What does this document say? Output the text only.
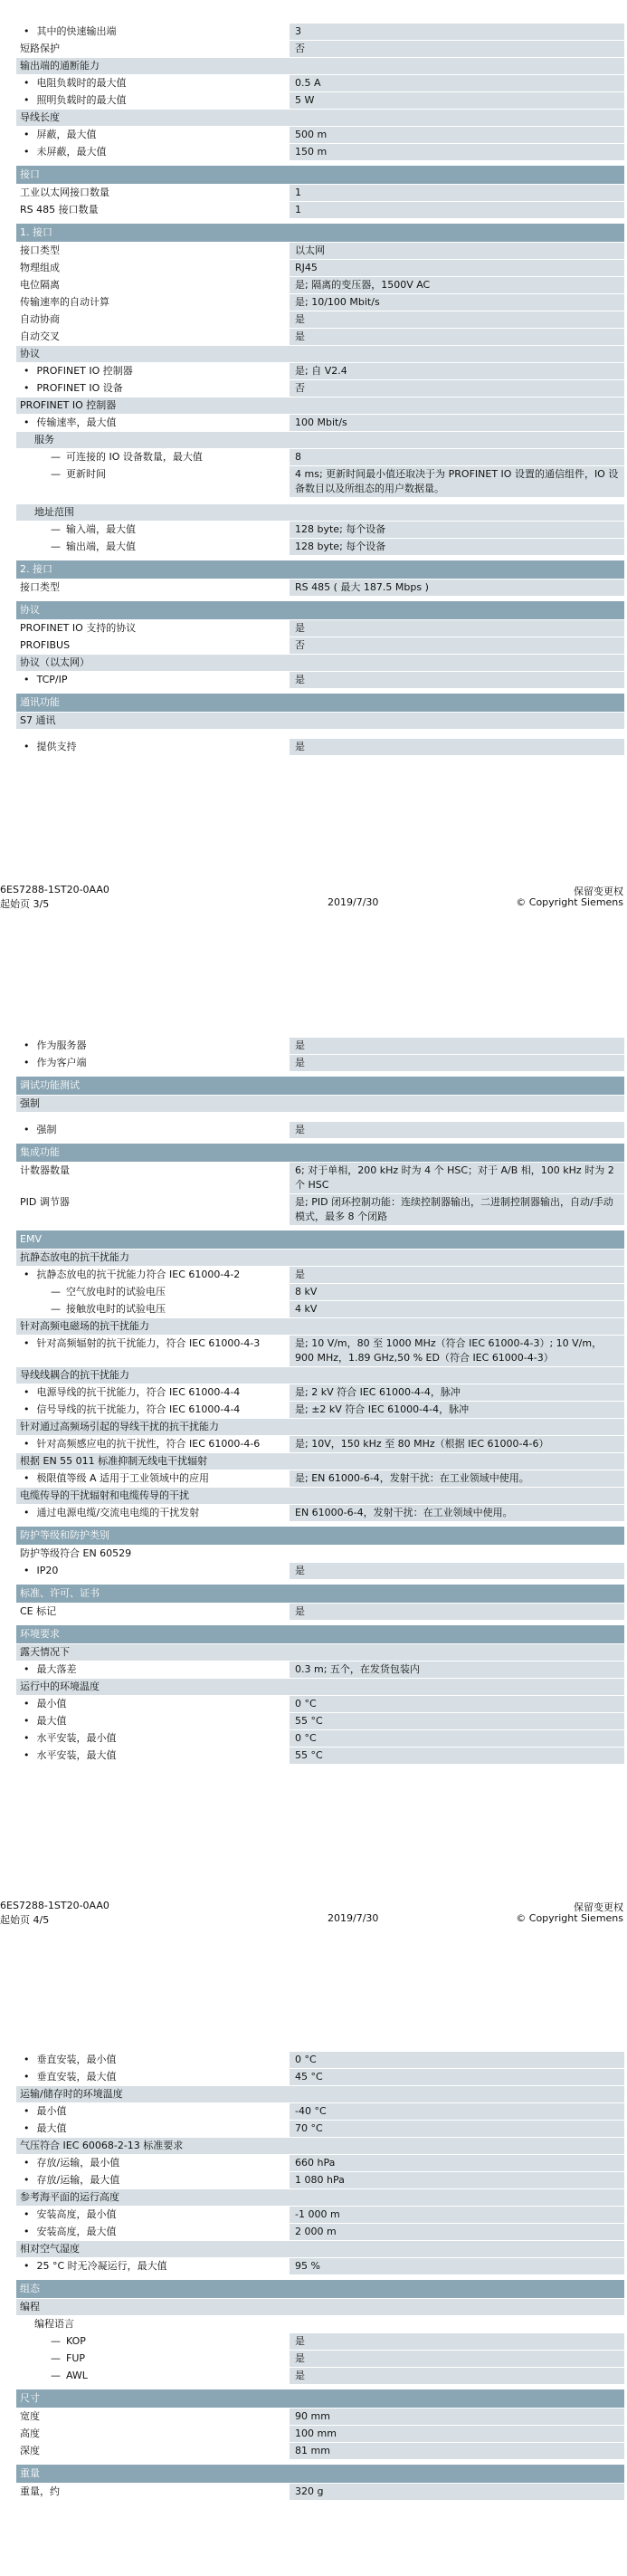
• 其中的快速输出端	3
短路保护	否
输出端的通断能力
• 电阻负载时的最大值	0.5 A
• 照明负载时的最大值	5 W
导线长度
• 屏蔽，最大值	500 m
• 未屏蔽，最大值	150 m
接口
工业以太网接口数量	1
RS 485 接口数量	1
1. 接口
接口类型	以太网
物理组成	RJ45
电位隔离	是; 隔离的变压器，1500V AC
传输速率的自动计算	是; 10/100 Mbit/s
自动协商	是
自动交叉	是
协议
• PROFINET IO 控制器	是; 自 V2.4
• PROFINET IO 设备	否
PROFINET IO 控制器
• 传输速率，最大值	100 Mbit/s
服务
— 可连接的 IO 设备数量，最大值	8
— 更新时间	4 ms; 更新时间最小值还取决于为 PROFINET IO 设置的通信组件，IO 设备数目以及所组态的用户数据量。
地址范围
— 输入端，最大值	128 byte; 每个设备
— 输出端，最大值	128 byte; 每个设备
2. 接口
接口类型	RS 485 ( 最大 187.5 Mbps )
协议
PROFINET IO 支持的协议	是
PROFIBUS	否
协议（以太网）
• TCP/IP	是
通讯功能
S7 通讯
• 提供支持	是
6ES7288-1ST20-0AA0
起始页 3/5	2019/7/30
保留变更权
© Copyright Siemens
• 作为服务器	是
• 作为客户端	是
调试功能测试
强制
• 强制	是
集成功能
计数器数量	6; 对于单相，200 kHz 时为 4 个 HSC；对于 A/B 相，100 kHz 时为 2 个 HSC
PID 调节器	是; PID 闭环控制功能：连续控制器输出，二进制控制器输出，自动/手动模式，最多 8 个闭路
EMV
抗静态放电的抗干扰能力
• 抗静态放电的抗干扰能力符合 IEC 61000-4-2	是
— 空气放电时的试验电压	8 kV
— 接触放电时的试验电压	4 kV
针对高频电磁场的抗干扰能力
• 针对高频辐射的抗干扰能力，符合 IEC 61000-4-3	是; 10 V/m，80 至 1000 MHz（符合 IEC 61000-4-3）; 10 V/m，900 MHz，1.89 GHz,50 % ED（符合 IEC 61000-4-3）
导线线耦合的抗干扰能力
• 电源导线的抗干扰能力，符合 IEC 61000-4-4	是; 2 kV 符合 IEC 61000-4-4，脉冲
• 信号导线的抗干扰能力，符合 IEC 61000-4-4	是; ±2 kV 符合 IEC 61000-4-4，脉冲
针对通过高频场引起的导线干扰的抗干扰能力
• 针对高频感应电的抗干扰性，符合 IEC 61000-4-6	是; 10V，150 kHz 至 80 MHz（根据 IEC 61000-4-6）
根据 EN 55 011 标准抑制无线电干扰辐射
• 极限值等级 A 适用于工业领域中的应用	是; EN 61000-6-4，发射干扰：在工业领域中使用。
电缆传导的干扰辐射和电缆传导的干扰
• 通过电源电缆/交流电电缆的干扰发射	EN 61000-6-4，发射干扰：在工业领域中使用。
防护等级和防护类别
防护等级符合 EN 60529
• IP20	是
标准、许可、证书
CE 标记	是
环境要求
露天情况下
• 最大落差	0.3 m; 五个，在发货包装内
运行中的环境温度
• 最小值	0 °C
• 最大值	55 °C
• 水平安装，最小值	0 °C
• 水平安装，最大值	55 °C
6ES7288-1ST20-0AA0
起始页 4/5	2019/7/30
保留变更权
© Copyright Siemens
• 垂直安装，最小值	0 °C
• 垂直安装，最大值	45 °C
运输/储存时的环境温度
• 最小值	-40 °C
• 最大值	70 °C
气压符合 IEC 60068-2-13 标准要求
• 存放/运输，最小值	660 hPa
• 存放/运输，最大值	1 080 hPa
参考海平面的运行高度
• 安装高度，最小值	-1 000 m
• 安装高度，最大值	2 000 m
相对空气湿度
• 25 °C 时无冷凝运行，最大值	95 %
组态
编程
编程语言
— KOP	是
— FUP	是
— AWL	是
尺寸
宽度	90 mm
高度	100 mm
深度	81 mm
重量
重量，约	320 g
